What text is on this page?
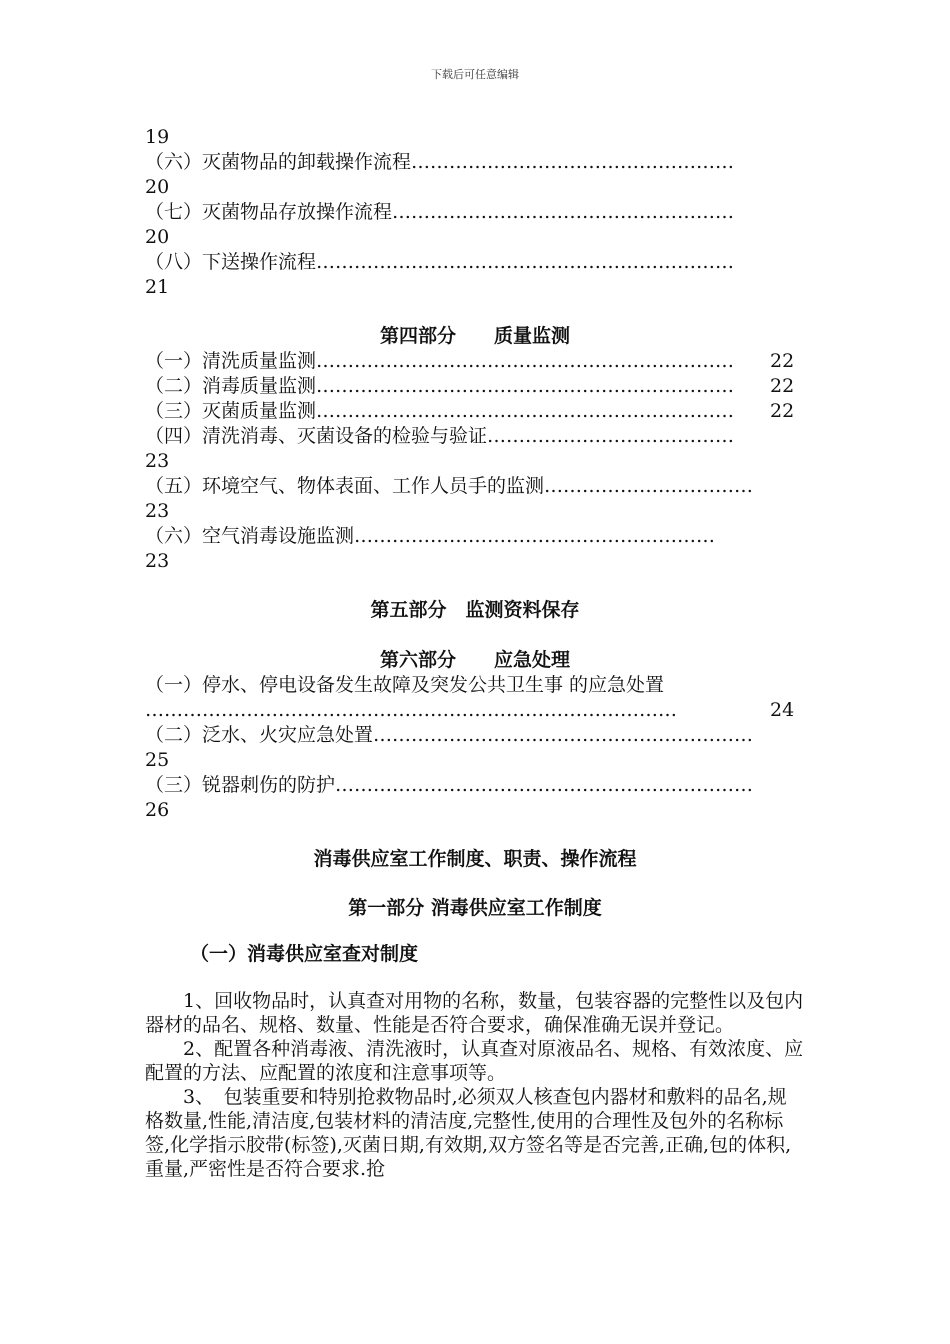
下载后可任意编辑
19
（六）灭菌物品的卸载操作流程……………………………………………
20
（七）灭菌物品存放操作流程………………………………………………
20
（八）下送操作流程…………………………………………………………
21
第四部分　　质量监测
（一）清洗质量监测…………………………………………………………	22
（二）消毒质量监测…………………………………………………………	22
（三）灭菌质量监测…………………………………………………………	22
（四）清洗消毒、灭菌设备的检验与验证…………………………………
23
（五）环境空气、物体表面、工作人员手的监测……………………………
23
（六）空气消毒设施监测…………………………………………………
23
第五部分　监测资料保存
第六部分　　应急处理
（一）停水、停电设备发生故障及突发公共卫生事 的应急处置
…………………………………………………………………………	24
（二）泛水、火灾应急处置……………………………………………………
25
（三）锐器刺伤的防护…………………………………………………………
26
消毒供应室工作制度、职责、操作流程
第一部分 消毒供应室工作制度
（一）消毒供应室查对制度

1、回收物品时，认真查对用物的名称，数量，包装容器的完整性以及包内器材的品名、规格、数量、性能是否符合要求，确保准确无误并登记。

2、配置各种消毒液、清洗液时，认真查对原液品名、规格、有效浓度、应配置的方法、应配置的浓度和注意事项等。

3、　包装重要和特别抢救物品时,必须双人核查包内器材和敷料的品名,规格数量,性能,清洁度,包装材料的清洁度,完整性,使用的合理性及包外的名称标签,化学指示胶带(标签),灭菌日期,有效期,双方签名等是否完善,正确,包的体积,重量,严密性是否符合要求.抢
